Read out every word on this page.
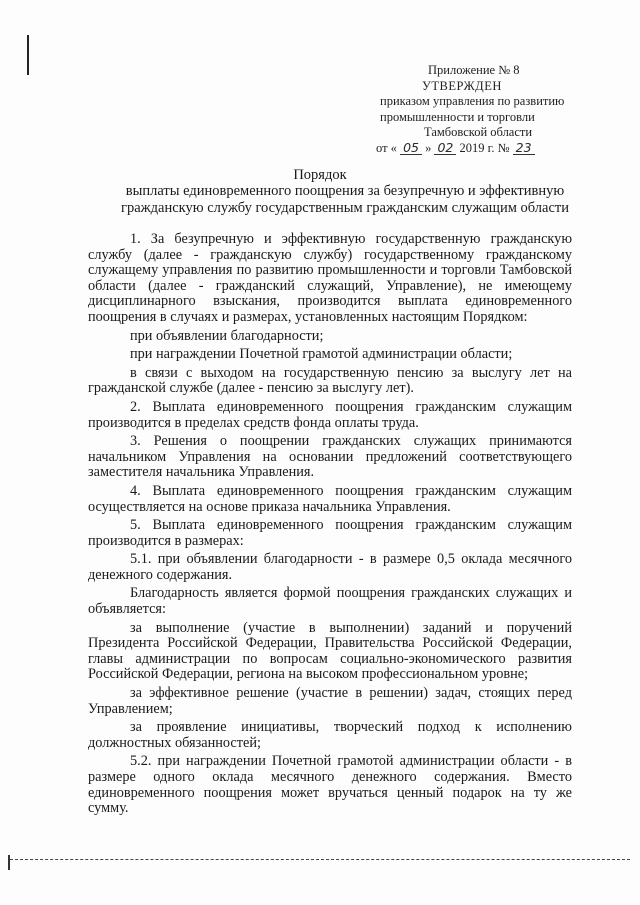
Приложение № 8
УТВЕРЖДЕН
приказом управления по развитию
промышленности и торговли
Тамбовской области
от « 05 » 02 2019 г. № 23
Порядок
выплаты единовременного поощрения за безупречную и эффективную гражданскую службу государственным гражданским служащим области

1. За безупречную и эффективную государственную гражданскую службу (далее - гражданскую службу) государственному гражданскому служащему управления по развитию промышленности и торговли Тамбовской области (далее - гражданский служащий, Управление), не имеющему дисциплинарного взыскания, производится выплата единовременного поощрения в случаях и размерах, установленных настоящим Порядком:

при объявлении благодарности;

при награждении Почетной грамотой администрации области;

в связи с выходом на государственную пенсию за выслугу лет на гражданской службе (далее - пенсию за выслугу лет).

2. Выплата единовременного поощрения гражданским служащим производится в пределах средств фонда оплаты труда.

3. Решения о поощрении гражданских служащих принимаются начальником Управления на основании предложений соответствующего заместителя начальника Управления.

4. Выплата единовременного поощрения гражданским служащим осуществляется на основе приказа начальника Управления.

5. Выплата единовременного поощрения гражданским служащим производится в размерах:

5.1. при объявлении благодарности - в размере 0,5 оклада месячного денежного содержания.

Благодарность является формой поощрения гражданских служащих и объявляется:

за выполнение (участие в выполнении) заданий и поручений Президента Российской Федерации, Правительства Российской Федерации, главы администрации по вопросам социально-экономического развития Российской Федерации, региона на высоком профессиональном уровне;

за эффективное решение (участие в решении) задач, стоящих перед Управлением;

за проявление инициативы, творческий подход к исполнению должностных обязанностей;

5.2. при награждении Почетной грамотой администрации области - в размере одного оклада месячного денежного содержания. Вместо единовременного поощрения может вручаться ценный подарок на ту же сумму.
